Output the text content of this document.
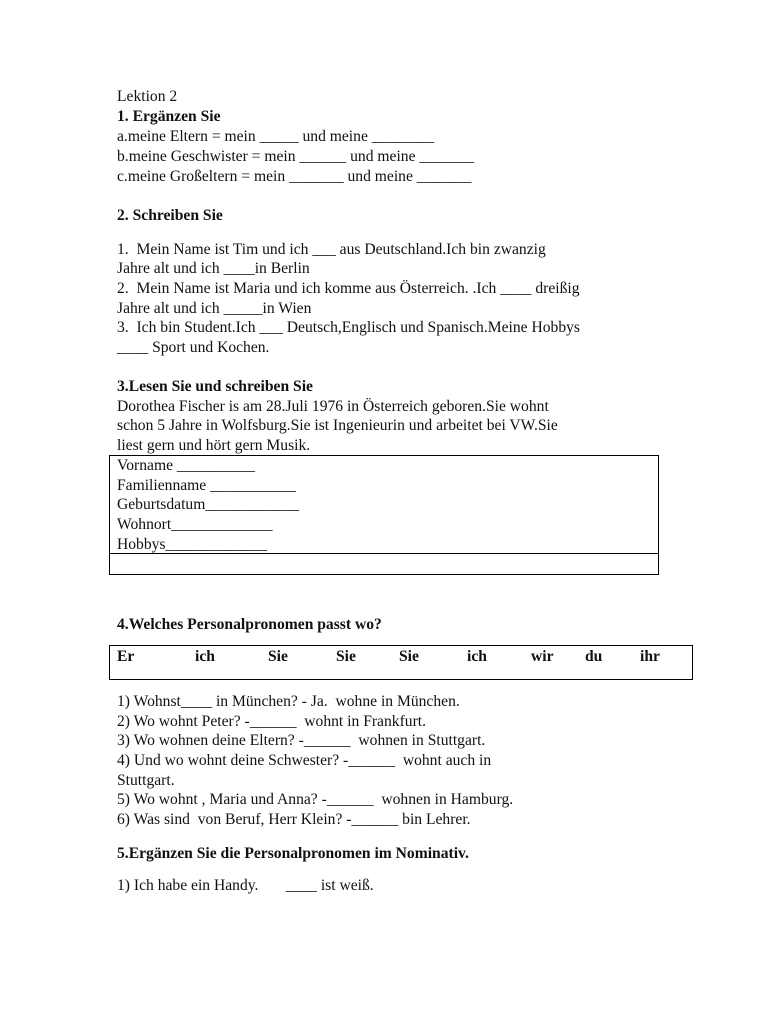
Lektion 2
1. Ergänzen Sie
a.meine Eltern = mein _____ und meine ________
b.meine Geschwister = mein ______ und meine _______
c.meine Großeltern = mein _______ und meine _______
2. Schreiben Sie
1.  Mein Name ist Tim und ich ___ aus Deutschland.Ich bin zwanzig
Jahre alt und ich ____in Berlin
2.  Mein Name ist Maria und ich komme aus Österreich. .Ich ____ dreißig
Jahre alt und ich _____in Wien
3.  Ich bin Student.Ich ___ Deutsch,Englisch und Spanisch.Meine Hobbys
____ Sport und Kochen.
3.Lesen Sie und schreiben Sie
Dorothea Fischer is am 28.Juli 1976 in Österreich geboren.Sie wohnt
schon 5 Jahre in Wolfsburg.Sie ist Ingenieurin und arbeitet bei VW.Sie
liest gern und hört gern Musik.
Vorname __________
Familienname ___________
Geburtsdatum____________
Wohnort_____________
Hobbys_____________
4.Welches Personalpronomen passt wo?
Er	ich	Sie	Sie	Sie	ich	wir du ihr
1) Wohnst____ in München? - Ja.  wohne in München.
2) Wo wohnt Peter? -______  wohnt in Frankfurt.
3) Wo wohnen deine Eltern? -______  wohnen in Stuttgart.
4) Und wo wohnt deine Schwester? -______  wohnt auch in
Stuttgart.
5) Wo wohnt , Maria und Anna? -______  wohnen in Hamburg.
6) Was sind  von Beruf, Herr Klein? -______ bin Lehrer.
5.Ergänzen Sie die Personalpronomen im Nominativ.
1) Ich habe ein Handy.       ____ ist weiß.
